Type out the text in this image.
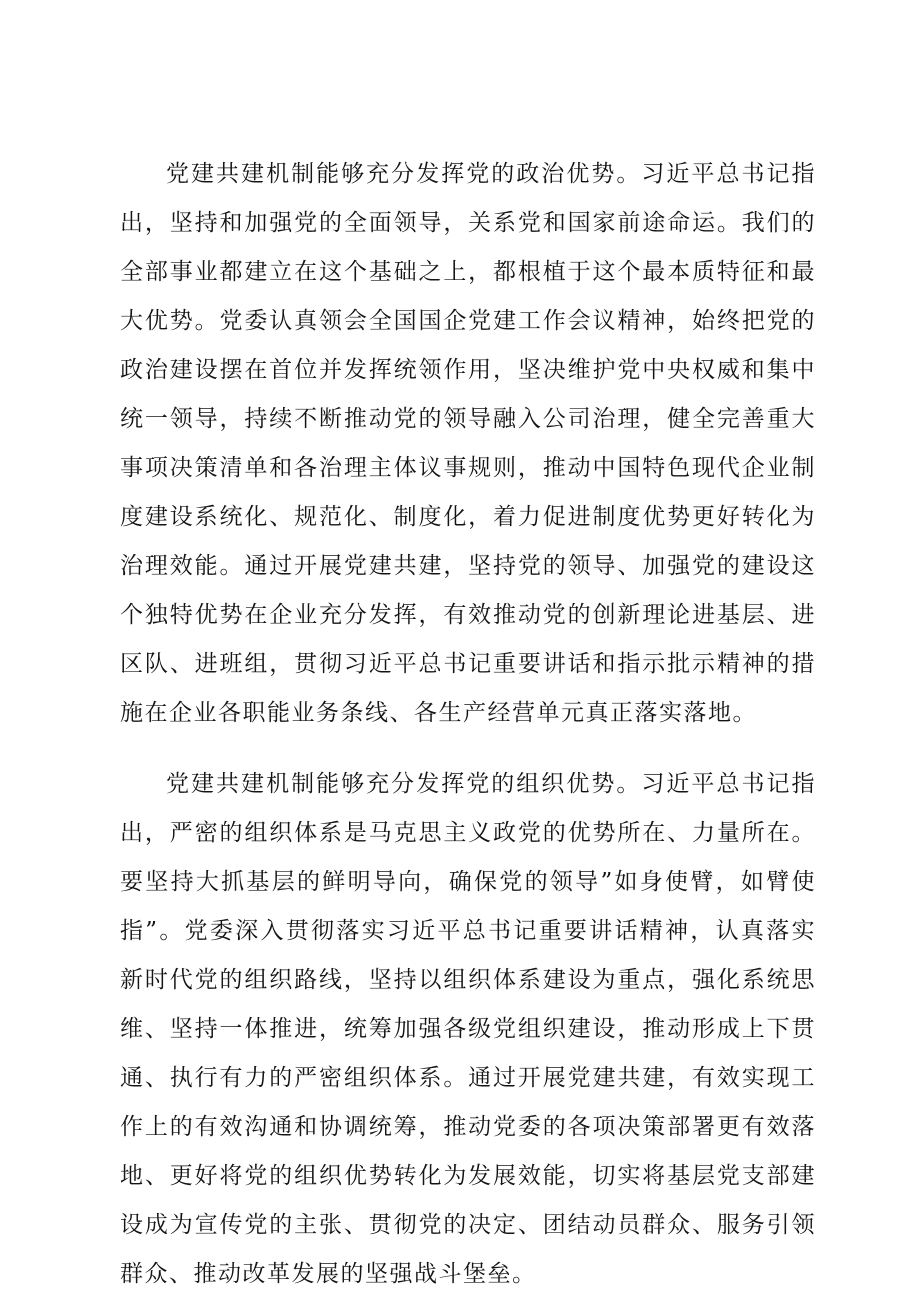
党建共建机制能够充分发挥党的政治优势。习近平总书记指出，坚持和加强党的全面领导，关系党和国家前途命运。我们的全部事业都建立在这个基础之上，都根植于这个最本质特征和最大优势。党委认真领会全国国企党建工作会议精神，始终把党的政治建设摆在首位并发挥统领作用，坚决维护党中央权威和集中统一领导，持续不断推动党的领导融入公司治理，健全完善重大事项决策清单和各治理主体议事规则，推动中国特色现代企业制度建设系统化、规范化、制度化，着力促进制度优势更好转化为治理效能。通过开展党建共建，坚持党的领导、加强党的建设这个独特优势在企业充分发挥，有效推动党的创新理论进基层、进区队、进班组，贯彻习近平总书记重要讲话和指示批示精神的措施在企业各职能业务条线、各生产经营单元真正落实落地。

党建共建机制能够充分发挥党的组织优势。习近平总书记指出，严密的组织体系是马克思主义政党的优势所在、力量所在。要坚持大抓基层的鲜明导向，确保党的领导”如身使臂，如臂使指”。党委深入贯彻落实习近平总书记重要讲话精神，认真落实新时代党的组织路线，坚持以组织体系建设为重点，强化系统思维、坚持一体推进，统筹加强各级党组织建设，推动形成上下贯通、执行有力的严密组织体系。通过开展党建共建，有效实现工作上的有效沟通和协调统筹，推动党委的各项决策部署更有效落地、更好将党的组织优势转化为发展效能，切实将基层党支部建设成为宣传党的主张、贯彻党的决定、团结动员群众、服务引领群众、推动改革发展的坚强战斗堡垒。
